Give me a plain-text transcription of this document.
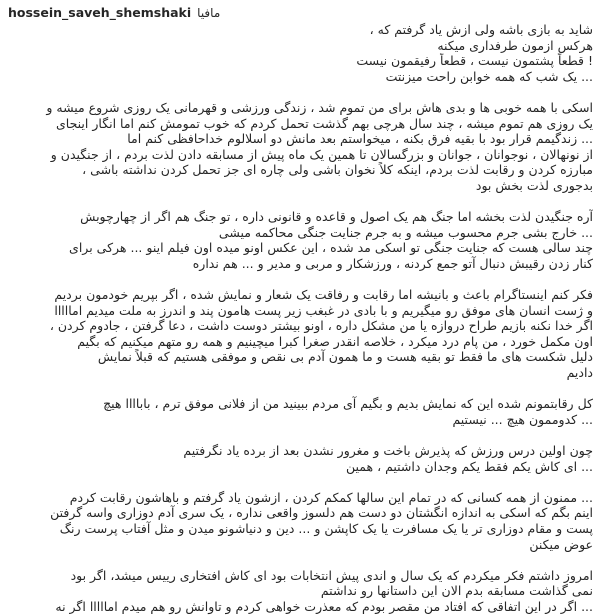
hossein_saveh_shemshaki مافیا
شاید به بازی باشه ولی ازش یاد گرفتم که ،
هرکس ازمون طرفداری میکنه
! قطعاً پشتمون نیست ، قطعاً رفیقمون نیست
... یک شب که همه خوابن راحت میزنتت
اسکی با همه خوبی ها و بدی هاش برای من تموم شد ، زندگی ورزشی و قهرمانی یک روزی شروع میشه و
یک روزی هم تموم میشه ، چند سال هرچی بهم گذشت تحمل کردم که خوب تمومش کنم اما انگار اینجای
... زندگیمم قرار بود با بقیه فرق بکنه ، میخواستم بعد مانش دو اسلالوم خداحافظی کنم اما
از نونهالان ، نوجوانان ، جوانان و بزرگسالان تا همین یک ماه پیش از مسابقه دادن لذت بردم ، از جنگیدن و
مبارزه کردن و رقابت لذت بردم، اینکه کلاً نخوان باشی ولی چاره ای جز تحمل کردن نداشته باشی ،
بدجوری لذت بخش بود
آره جنگیدن لذت بخشه اما جنگ هم یک اصول و قاعده و قانونی داره ، تو جنگ هم اگر از چهارچوبش
... خارج بشی جرم محسوب میشه و به جرم جنایت جنگی محاکمه میشی
چند سالی هست که جنایت جنگی تو اسکی مد شده ، این عکس اونو میده اون فیلم اینو ... هرکی برای
کنار زدن رقیبش دنبال آتو جمع کردنه ، ورزشکار و مربی و مدیر و ... هم نداره
فکر کنم اینستاگرام باعث و بانیشه اما رقابت و رفاقت یک شعار و نمایش شده ، اگر بپریم خودمون بردیم
و ژست انسان های موفق رو میگیریم و با بادی در غبغب زیر پست هامون پند و اندرز به ملت میدیم امااااا
اگر خدا نکنه بازیم طراح دروازه یا من مشکل داره ، اونو بیشتر دوست داشت ، دعا گرفتن ، جادوم کردن ،
اون مکمل خورد ، من پام درد میکرد ، خلاصه انقدر صغرا کبرا میچینیم و همه رو متهم میکنیم که بگیم
دلیل شکست های ما فقط تو بقیه هست و ما همون آدم بی نقص و موفقی هستیم که قبلاً نمایش
دادیم
کل رقابتمونم شده این که نمایش بدیم و بگیم آی مردم ببینید من از فلانی موفق ترم ، باباااا هیچ
... کدوممون هیچ ... نیستیم
چون اولین درس ورزش که پذیرش باخت و مغرور نشدن بعد از برده یاد نگرفتیم
... ای کاش یکم فقط یکم وجدان داشتیم ، همین
... ممنون از همه کسانی که در تمام این سالها کمکم کردن ، ازشون یاد گرفتم و باهاشون رقابت کردم
اینم بگم که اسکی به اندازه انگشتان دو دست هم دلسوز واقعی نداره ، یک سری آدم دوزاری واسه گرفتن
پست و مقام دوزاری تر یا یک مسافرت یا یک کاپشن و ... دین و دنیاشونو میدن و مثل آفتاب پرست رنگ
عوض میکنن
امروز داشتم فکر میکردم که یک سال و اندی پیش انتخابات بود ای کاش افتخاری رییس میشد، اگر بود
نمی گذاشت مسابقه بدم الان این داستانها رو نداشتم
... اگر در این اتفاقی که افتاد من مقصر بودم که معذرت خواهی کردم و تاوانش رو هم میدم امااااا اگر نه
